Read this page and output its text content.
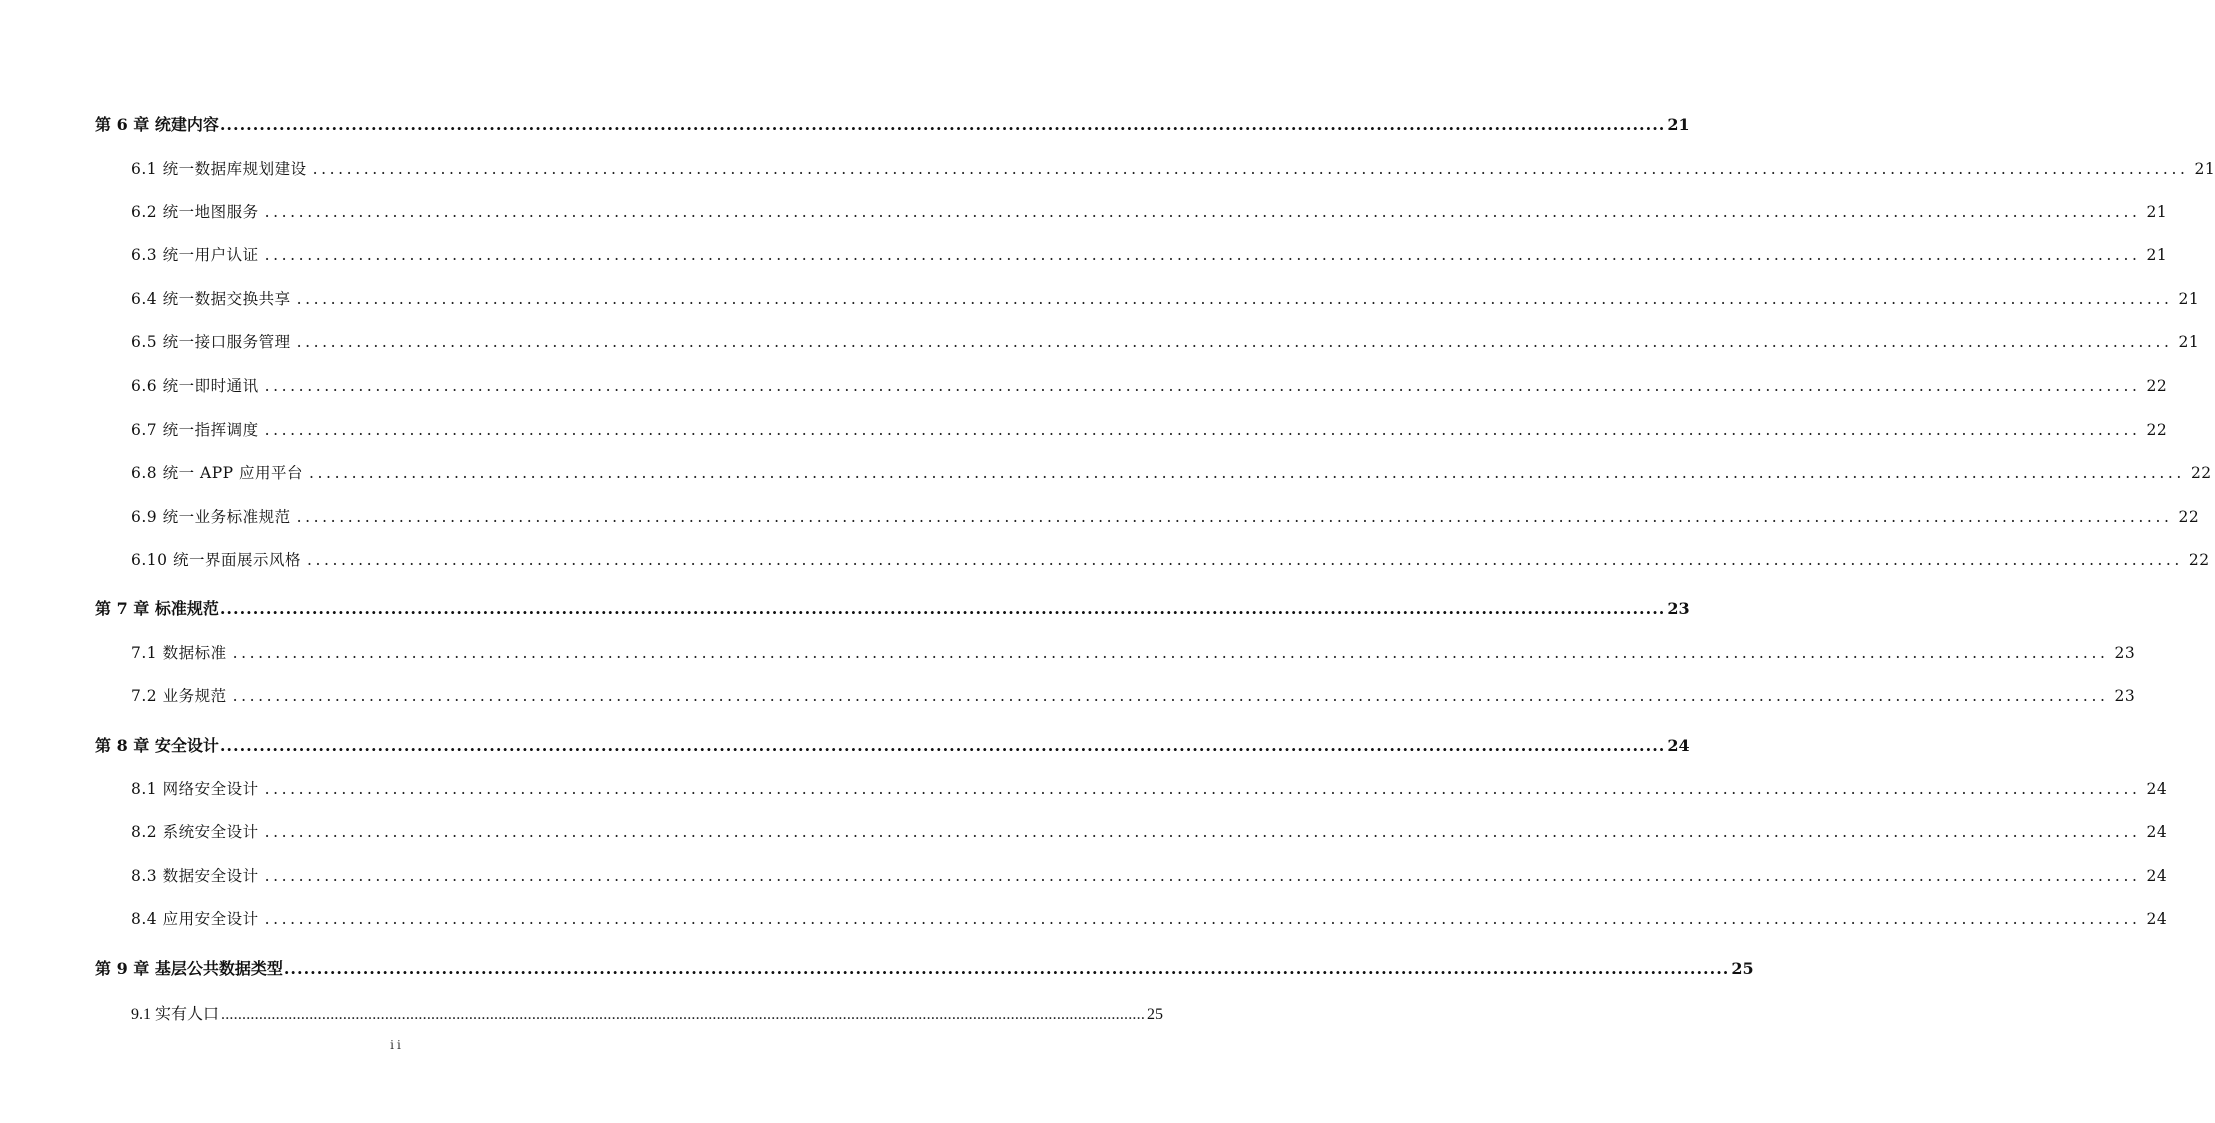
第 6 章 统建内容 ............................................................................................................................................................................................................................ 21
6.1 统一数据库规划建设 ............................................................................................................................................................................................................................ 21
6.2 统一地图服务 ............................................................................................................................................................................................................................ 21
6.3 统一用户认证 ............................................................................................................................................................................................................................ 21
6.4 统一数据交换共享 ............................................................................................................................................................................................................................ 21
6.5 统一接口服务管理 ............................................................................................................................................................................................................................ 21
6.6 统一即时通讯 ............................................................................................................................................................................................................................ 22
6.7 统一指挥调度 ............................................................................................................................................................................................................................ 22
6.8 统一 APP 应用平台 ............................................................................................................................................................................................................................ 22
6.9 统一业务标准规范 ............................................................................................................................................................................................................................ 22
6.10 统一界面展示风格 ............................................................................................................................................................................................................................ 22
第 7 章 标准规范 ............................................................................................................................................................................................................................ 23
7.1 数据标准 ............................................................................................................................................................................................................................ 23
7.2 业务规范 ............................................................................................................................................................................................................................ 23
第 8 章 安全设计 ............................................................................................................................................................................................................................ 24
8.1 网络安全设计 ............................................................................................................................................................................................................................ 24
8.2 系统安全设计 ............................................................................................................................................................................................................................ 24
8.3 数据安全设计 ............................................................................................................................................................................................................................ 24
8.4 应用安全设计 ............................................................................................................................................................................................................................ 24
第 9 章 基层公共数据类型 ............................................................................................................................................................................................................................ 25
9.1 实有人口 ............................................................................................................................................................................................................................ 25
ii
